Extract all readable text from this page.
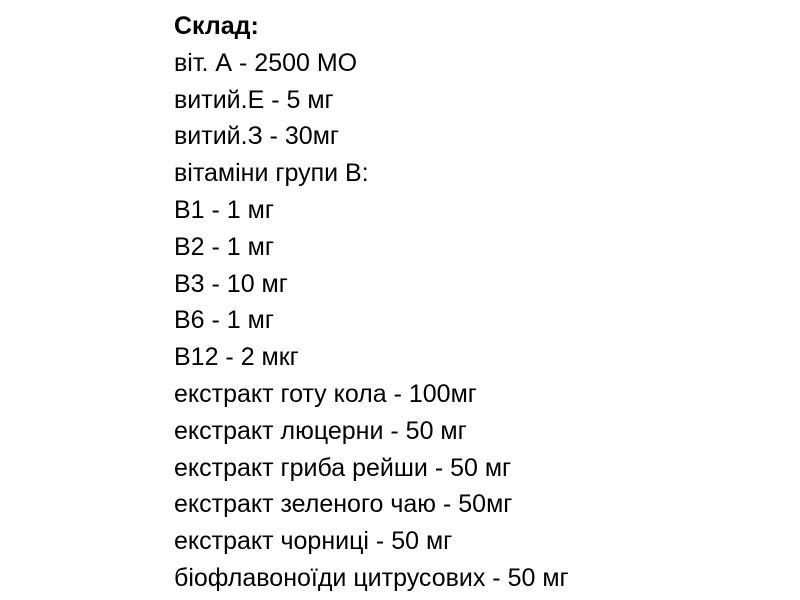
Склад:
віт. А - 2500 МО
витий.Е - 5 мг
витий.З - 30мг
вітаміни групи В:
В1 - 1 мг
В2 - 1 мг
В3 - 10 мг
В6 - 1 мг
В12 - 2 мкг
екстракт готу кола - 100мг
екстракт люцерни - 50 мг
екстракт гриба рейши - 50 мг
екстракт зеленого чаю - 50мг
екстракт чорниці - 50 мг
біофлавоноїди цитрусових - 50 мг
